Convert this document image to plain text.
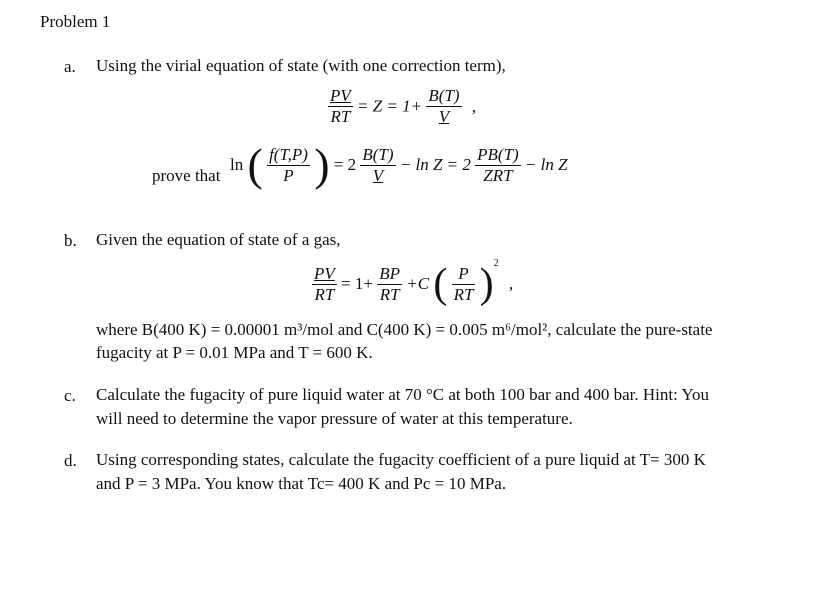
Problem 1
a. Using the virial equation of state (with one correction term),
$\frac{PV}{RT} = Z = 1+ \frac{B(T)}{V}$ ,
prove that
ln ( $\frac{f(T,P)}{P}$ ) = $2 \frac{B(T)}{V} - \ln Z = 2 \frac{PB(T)}{\text{ZRT}} - \ln Z$
b. Given the equation of state of a gas,
$\frac{PV}{RT} = 1+ \frac{BP}{RT} +C$ ( $\frac{P}{RT} )^2$ ,
where B(400 K) = 0.00001 m³/mol and C(400 K) = 0.005 m⁶/mol², calculate the pure-state
fugacity at P = 0.01 MPa and T = 600 K.
c. Calculate the fugacity of pure liquid water at 70 °C at both 100 bar and 400 bar. Hint: You
will need to determine the vapor pressure of water at this temperature.
d. Using corresponding states, calculate the fugacity coefficient of a pure liquid at T= 300 K
and P = 3 MPa. You know that Tc= 400 K and Pc = 10 MPa.
